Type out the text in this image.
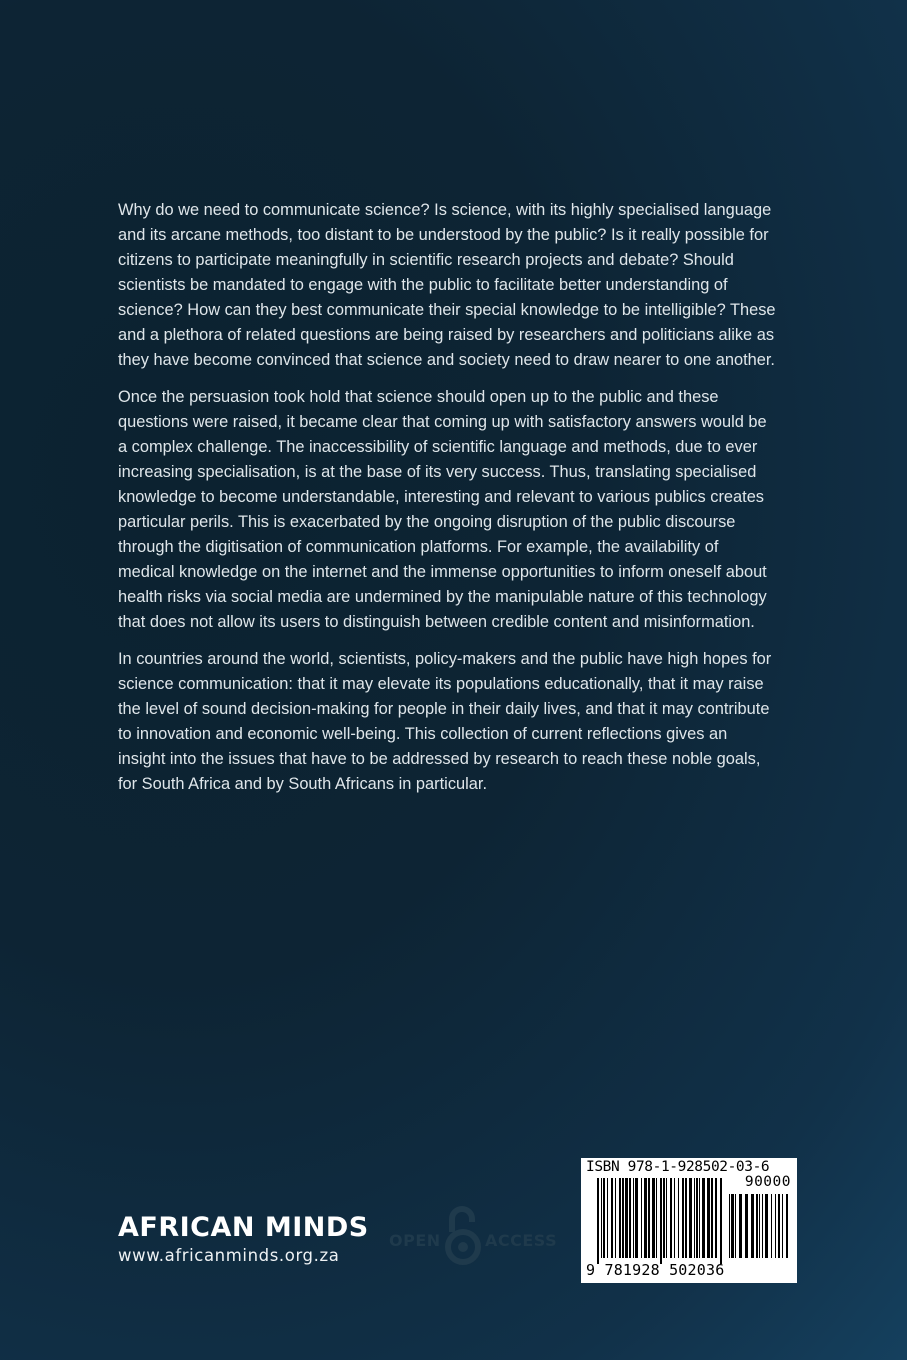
Why do we need to communicate science? Is science, with its highly specialised language and its arcane methods, too distant to be understood by the public? Is it really possible for citizens to participate meaningfully in scientific research projects and debate? Should scientists be mandated to engage with the public to facilitate better understanding of science? How can they best communicate their special knowledge to be intelligible? These and a plethora of related questions are being raised by researchers and politicians alike as they have become convinced that science and society need to draw nearer to one another.

Once the persuasion took hold that science should open up to the public and these questions were raised, it became clear that coming up with satisfactory answers would be a complex challenge. The inaccessibility of scientific language and methods, due to ever increasing specialisation, is at the base of its very success. Thus, translating specialised knowledge to become understandable, interesting and relevant to various publics creates particular perils. This is exacerbated by the ongoing disruption of the public discourse through the digitisation of communication platforms. For example, the availability of medical knowledge on the internet and the immense opportunities to inform oneself about health risks via social media are undermined by the manipulable nature of this technology that does not allow its users to distinguish between credible content and misinformation.

In countries around the world, scientists, policy-makers and the public have high hopes for science communication: that it may elevate its populations educationally, that it may raise the level of sound decision-making for people in their daily lives, and that it may contribute to innovation and economic well-being. This collection of current reflections gives an insight into the issues that have to be addressed by research to reach these noble goals, for South Africa and by South Africans in particular.

AFRICAN MINDS
www.africanminds.org.za
OPEN	ACCESS
ISBN 978-1-928502-03-6
90000
9 781928 502036
